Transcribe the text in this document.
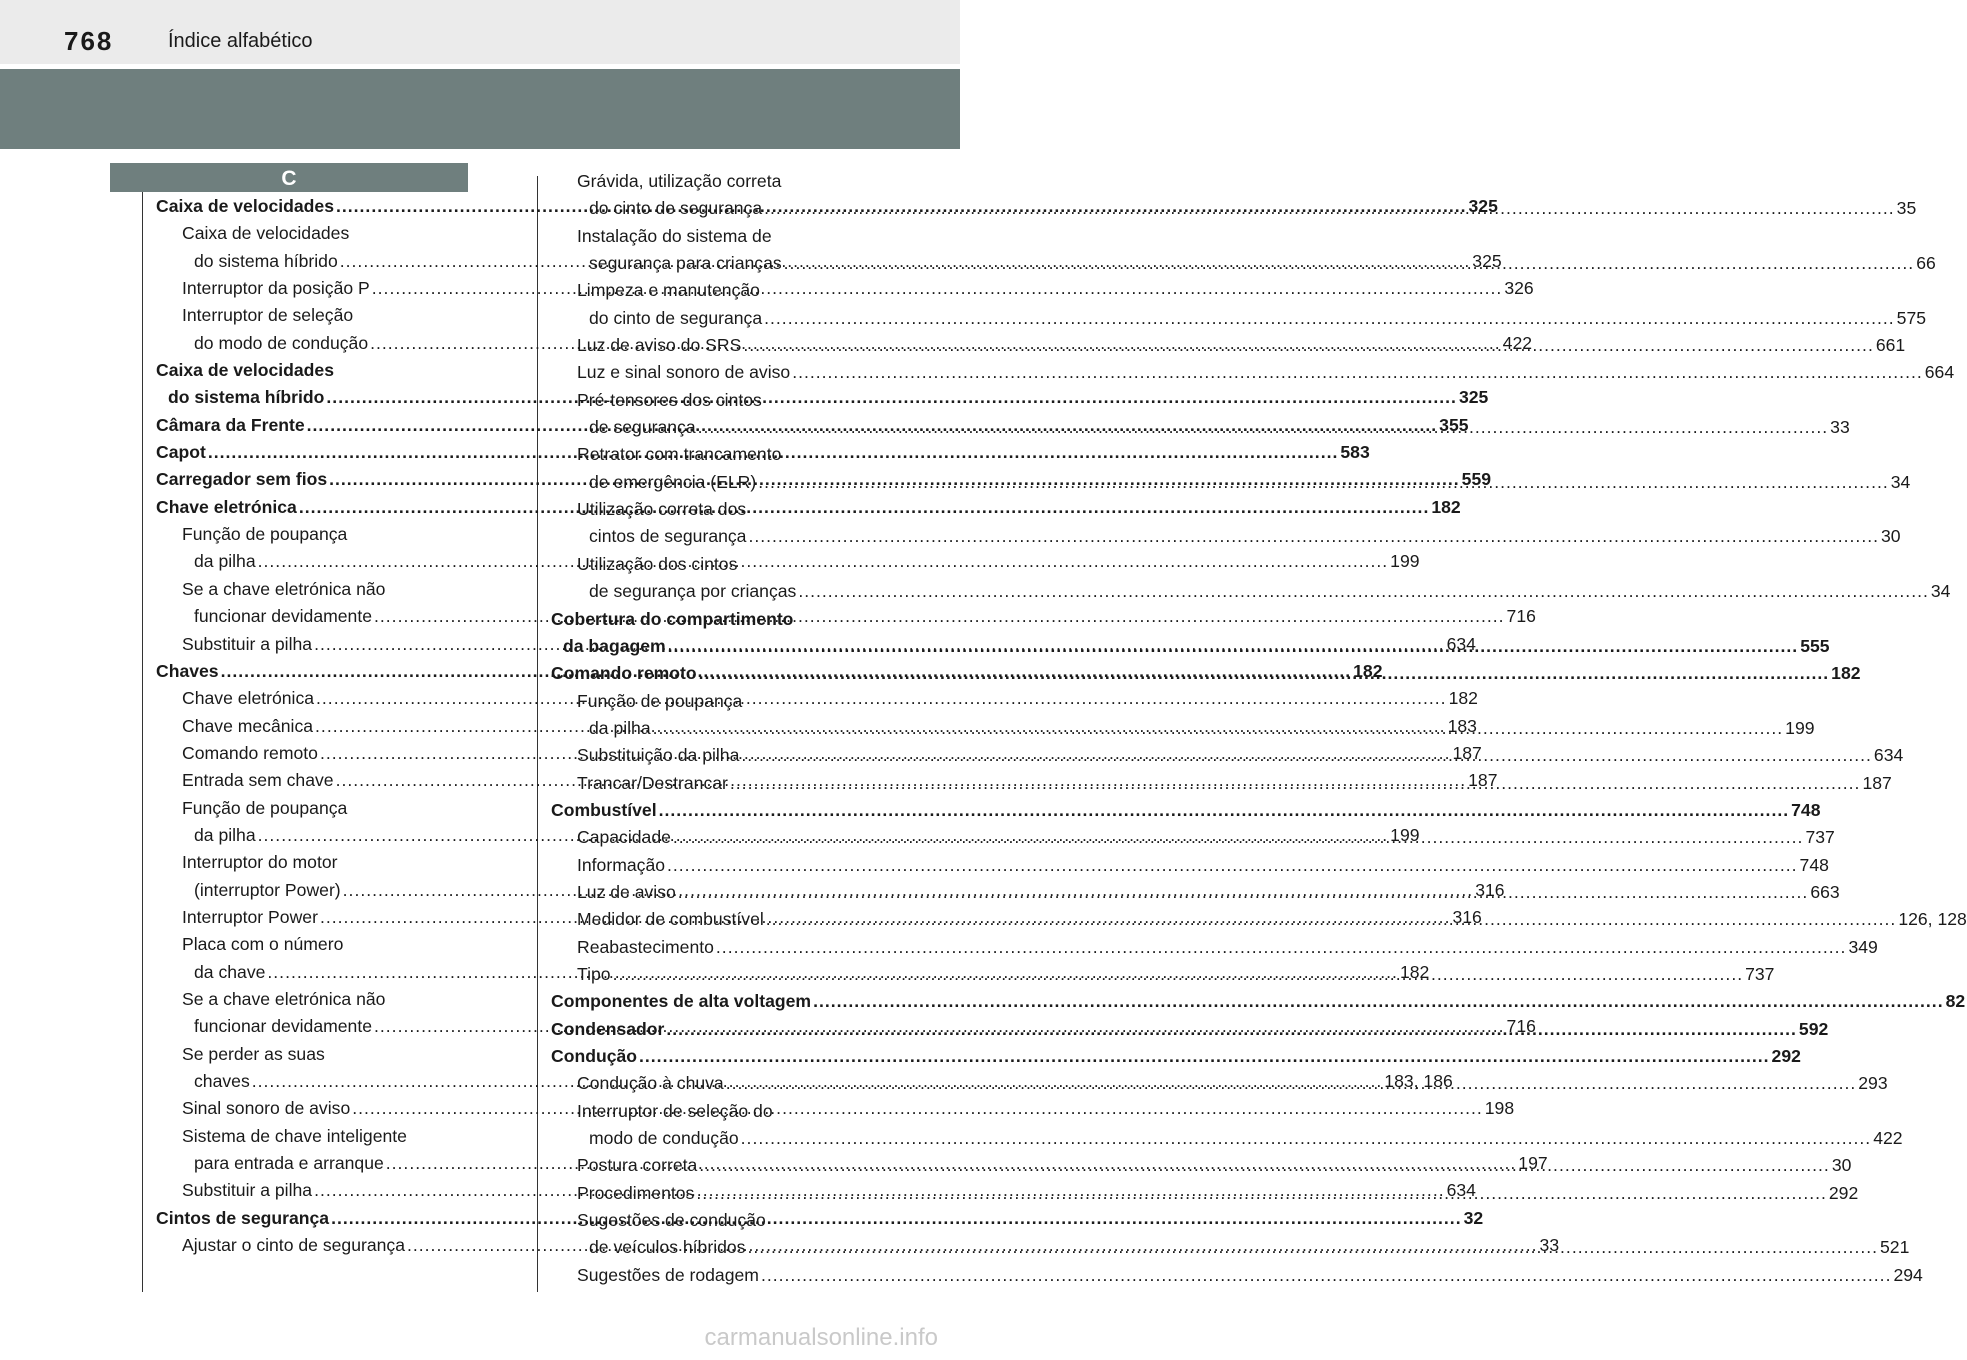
768	Índice alfabético
C
Caixa de velocidades .....	325
Caixa de velocidades
do sistema híbrido .....	325
Interruptor da posição P .....	326
Interruptor de seleção
do modo de condução .....	422
Caixa de velocidades
do sistema híbrido .....	325
Câmara da Frente .....	355
Capot .....	583
Carregador sem fios .....	559
Chave eletrónica .....	182
Função de poupança
da pilha .....	199
Se a chave eletrónica não
funcionar devidamente .....	716
Substituir a pilha .....	634
Chaves .....	182
Chave eletrónica .....	182
Chave mecânica .....	183
Comando remoto .....	187
Entrada sem chave .....	187
Função de poupança
da pilha .....	199
Interruptor do motor
(interruptor Power) .....	316
Interruptor Power .....	316
Placa com o número
da chave .....	182
Se a chave eletrónica não
funcionar devidamente .....	716
Se perder as suas
chaves .....	183, 186
Sinal sonoro de aviso .....	198
Sistema de chave inteligente
para entrada e arranque .....	197
Substituir a pilha .....	634
Cintos de segurança .....	32
Ajustar o cinto de segurança .....	33
Grávida, utilização correta
do cinto de segurança .....	35
Instalação do sistema de
segurança para crianças .....	66
Limpeza e manutenção
do cinto de segurança .....	575
Luz de aviso do SRS .....	661
Luz e sinal sonoro de aviso .....	664
Pré-tensores dos cintos
de segurança .....	33
Retrator com trancamento
de emergência (ELR) .....	34
Utilização correta dos
cintos de segurança .....	30
Utilização dos cintos
de segurança por crianças .....	34
Cobertura do compartimento
da bagagem .....	555
Comando remoto .....	182
Função de poupança
da pilha .....	199
Substituição da pilha .....	634
Trancar/Destrancar .....	187
Combustível .....	748
Capacidade .....	737
Informação .....	748
Luz de aviso .....	663
Medidor de combustível .....	126, 128
Reabastecimento .....	349
Tipo .....	737
Componentes de alta voltagem .....	82
Condensador .....	592
Condução .....	292
Condução à chuva .....	293
Interruptor de seleção do
modo de condução .....	422
Postura correta .....	30
Procedimentos .....	292
Sugestões de condução
de veículos híbridos .....	521
Sugestões de rodagem .....	294
carmanualsonline.info
